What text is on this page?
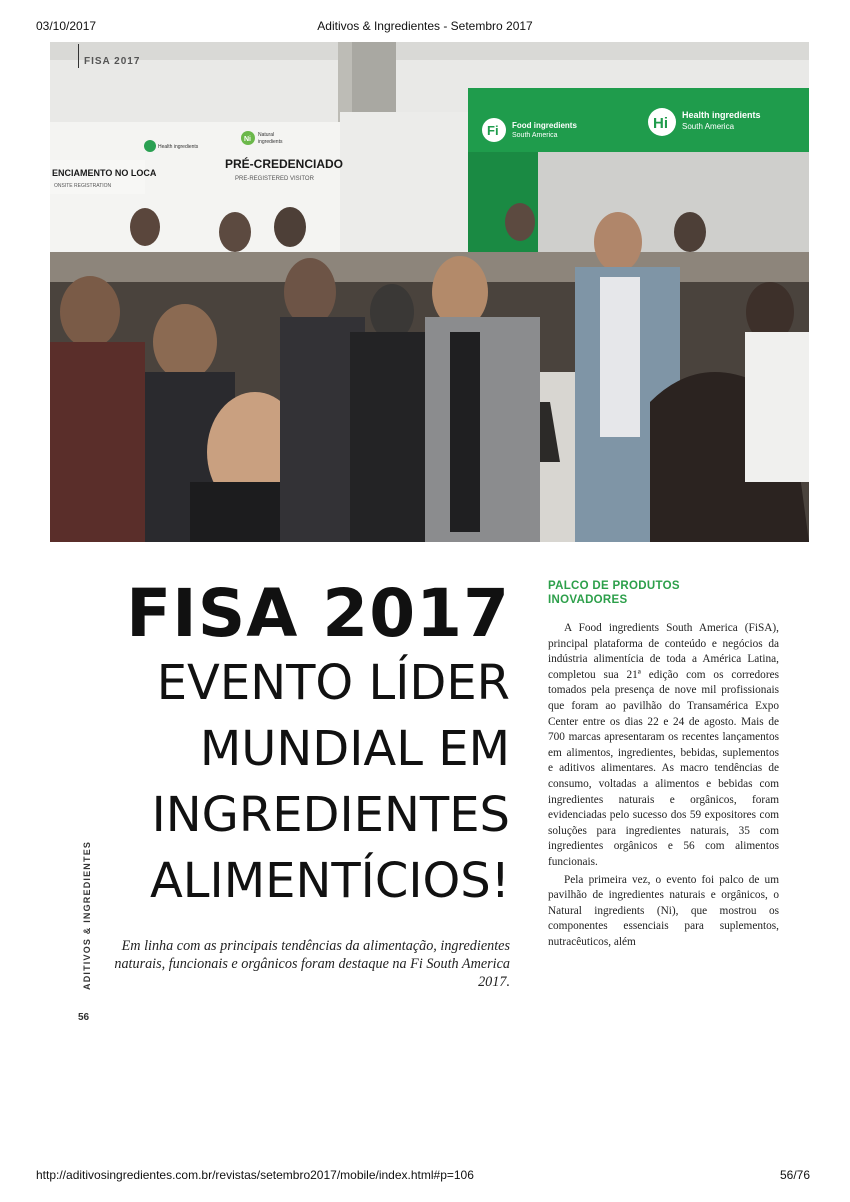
03/10/2017	Aditivos & Ingredientes - Setembro 2017
ENCIAMENTO NO LOCA
ONSITE REGISTRATION
PRÉ-CREDENCIADO
PRE-REGISTERED VISITOR
Health ingredients
Ni
Natural
ingredients
Fi Food ingredients
South America
Hi Health ingredients
South America
FISA 2017
FISA 2017
EVENTO LÍDER
MUNDIAL EM
INGREDIENTES
ALIMENTÍCIOS!
Em linha com as principais tendências da alimentação, ingredientes naturais, funcionais e orgânicos foram destaque na Fi South America 2017.
PALCO DE PRODUTOS
INOVADORES

A Food ingredients South America (FiSA), principal plataforma de conteúdo e negócios da indústria alimentícia de toda a América Latina, completou sua 21ª edição com os corredores tomados pela presença de nove mil profissionais que foram ao pavilhão do Transamérica Expo Center entre os dias 22 e 24 de agosto. Mais de 700 marcas apresentaram os recentes lançamentos em alimentos, ingredientes, bebidas, suplementos e aditivos alimentares. As macro tendências de consumo, voltadas a alimentos e bebidas com ingredientes naturais e orgânicos, foram evidenciadas pelo sucesso dos 59 expositores com soluções para ingredientes naturais, 35 com ingredientes orgânicos e 56 com alimentos funcionais.

Pela primeira vez, o evento foi palco de um pavilhão de ingredientes naturais e orgânicos, o Natural ingredients (Ni), que mostrou os componentes essenciais para suplementos, nutracêuticos, além

ADITIVOS & INGREDIENTES
56
http://aditivosingredientes.com.br/revistas/setembro2017/mobile/index.html#p=106	56/76
